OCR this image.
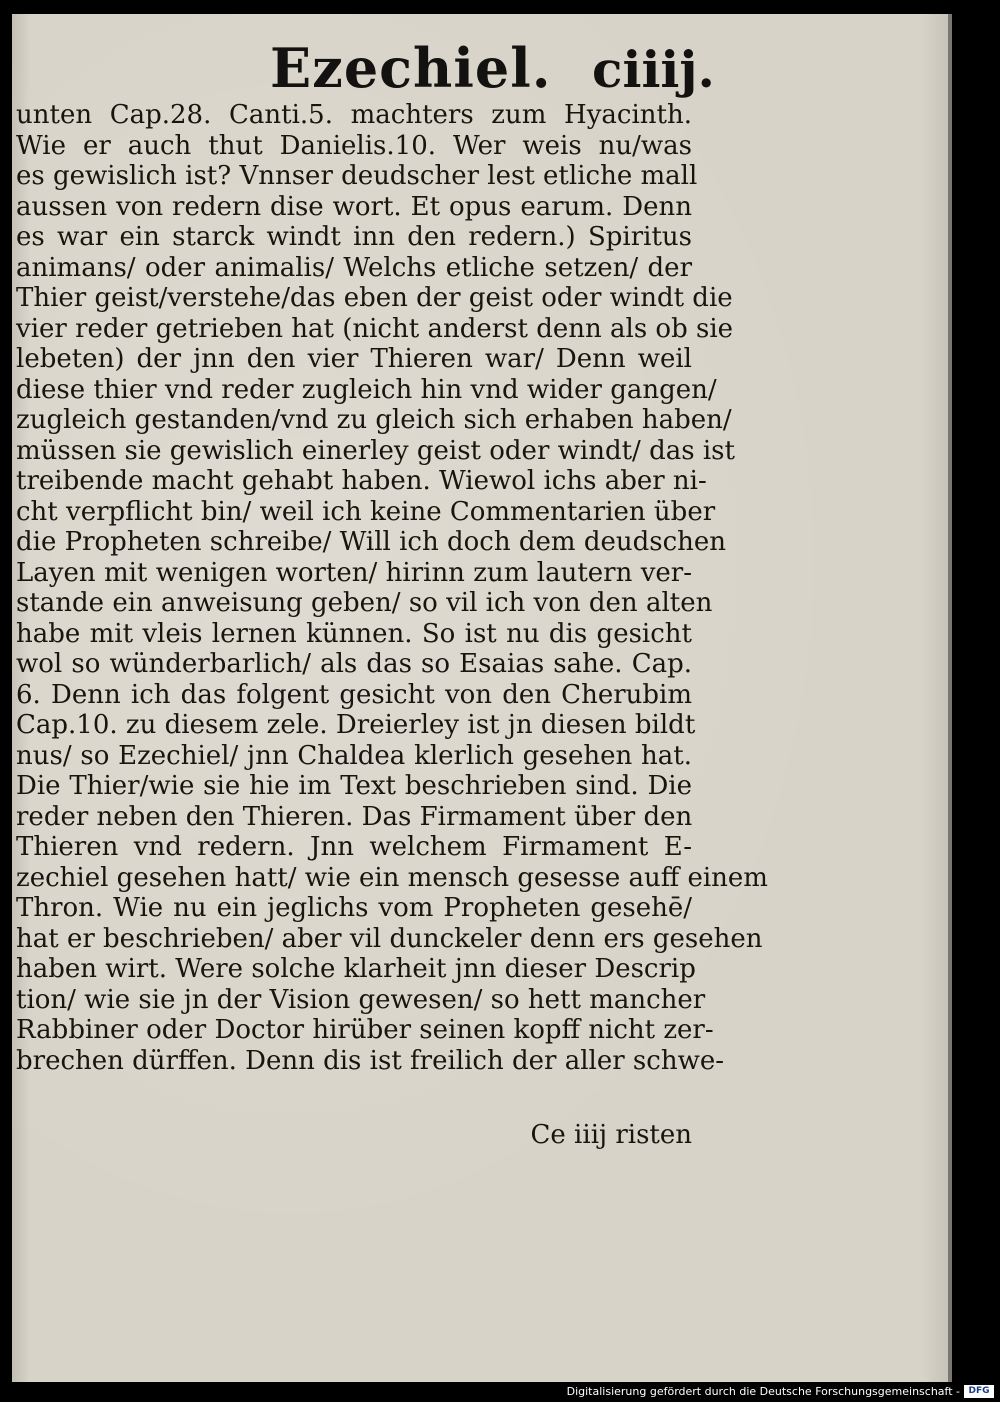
Ezechiel. ciiij.
unten Cap.28. Canti.5. machters zum Hyacinth.
Wie er auch thut Danielis.10. Wer weis nu/was
es gewislich ist? Vnnser deudscher lest etliche mall
aussen von redern dise wort. Et opus earum. Denn
es war ein starck windt inn den redern.) Spiritus
animans/ oder animalis/ Welchs etliche setzen/ der
Thier geist/verstehe/das eben der geist oder windt die
vier reder getrieben hat (nicht anderst denn als ob sie
lebeten) der jnn den vier Thieren war/ Denn weil
diese thier vnd reder zugleich hin vnd wider gangen/
zugleich gestanden/vnd zu gleich sich erhaben haben/
müssen sie gewislich einerley geist oder windt/ das ist
treibende macht gehabt haben. Wiewol ichs aber ni-
cht verpflicht bin/ weil ich keine Commentarien über
die Propheten schreibe/ Will ich doch dem deudschen
Layen mit wenigen worten/ hirinn zum lautern ver-
stande ein anweisung geben/ so vil ich von den alten
habe mit vleis lernen künnen. So ist nu dis gesicht
wol so wünderbarlich/ als das so Esaias sahe. Cap.
6. Denn ich das folgent gesicht von den Cherubim
Cap.10. zu diesem zele. Dreierley ist jn diesen bildt
nus/ so Ezechiel/ jnn Chaldea klerlich gesehen hat.
Die Thier/wie sie hie im Text beschrieben sind. Die
reder neben den Thieren. Das Firmament über den
Thieren vnd redern. Jnn welchem Firmament E-
zechiel gesehen hatt/ wie ein mensch gesesse auff einem
Thron. Wie nu ein jeglichs vom Propheten gesehē/
hat er beschrieben/ aber vil dunckeler denn ers gesehen
haben wirt. Were solche klarheit jnn dieser Descrip
tion/ wie sie jn der Vision gewesen/ so hett mancher
Rabbiner oder Doctor hirüber seinen kopff nicht zer-
brechen dürffen. Denn dis ist freilich der aller schwe-
Ce iiij risten
Digitalisierung gefördert durch die Deutsche Forschungsgemeinschaft - DFG
